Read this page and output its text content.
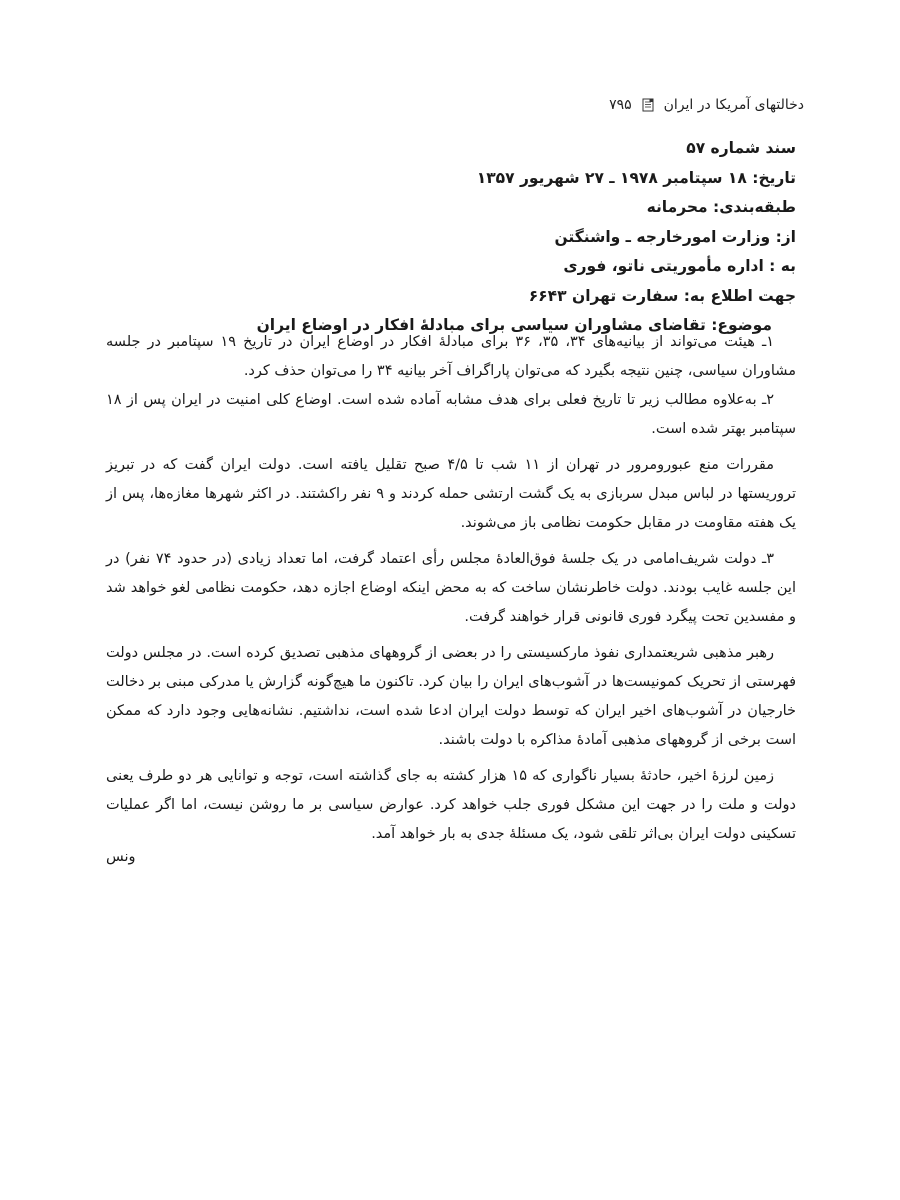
دخالتهای آمریکا در ایران
۷۹۵
سند شماره ۵۷
تاریخ: ۱۸ سپتامبر ۱۹۷۸ ـ ۲۷ شهریور ۱۳۵۷
طبقه‌بندی: محرمانه
از: وزارت امورخارجه ـ واشنگتن
به : اداره مأموریتی ناتو، فوری
جهت اطلاع به: سفارت تهران ۶۶۴۳
موضوع: تقاضای مشاوران سیاسی برای مبادلهٔ افکار در اوضاع ایران

۱ـ هیئت می‌تواند از بیانیه‌های ۳۴، ۳۵، ۳۶ برای مبادلهٔ افکار در اوضاع ایران در تاریخ ۱۹ سپتامبر در جلسه مشاوران سیاسی، چنین نتیجه بگیرد که می‌توان پاراگراف آخر بیانیه ۳۴ را می‌توان حذف کرد.

۲ـ به‌علاوه مطالب زیر تا تاریخ فعلی برای هدف مشابه آماده شده است. اوضاع کلی امنیت در ایران پس از ۱۸ سپتامبر بهتر شده است.

مقررات منع عبورومرور در تهران از ۱۱ شب تا ۴/۵ صبح تقلیل یافته است. دولت ایران گفت که در تبریز تروریستها در لباس مبدل سربازی به یک گشت ارتشی حمله کردند و ۹ نفر راکشتند. در اکثر شهرها مغازه‌ها، پس از یک هفته مقاومت در مقابل حکومت نظامی باز می‌شوند.

۳ـ دولت شریف‌امامی در یک جلسهٔ فوق‌العادهٔ مجلس رأی اعتماد گرفت، اما تعداد زیادی (در حدود ۷۴ نفر) در این جلسه غایب بودند. دولت خاطرنشان ساخت که به محض اینکه اوضاع اجازه دهد، حکومت نظامی لغو خواهد شد و مفسدین تحت پیگرد فوری قانونی قرار خواهند گرفت.

رهبر مذهبی شریعتمداری نفوذ مارکسیستی را در بعضی از گروههای مذهبی تصدیق کرده است. در مجلس دولت فهرستی از تحریک کمونیست‌ها در آشوب‌های ایران را بیان کرد. تاکنون ما هیچ‌گونه گزارش یا مدرکی مبنی بر دخالت خارجیان در آشوب‌های اخیر ایران که توسط دولت ایران ادعا شده است، نداشتیم. نشانه‌هایی وجود دارد که ممکن است برخی از گروههای مذهبی آمادهٔ مذاکره با دولت باشند.

زمین لرزهٔ اخیر، حادثهٔ بسیار ناگواری که ۱۵ هزار کشته به جای گذاشته است، توجه و توانایی هر دو طرف یعنی دولت و ملت را در جهت این مشکل فوری جلب خواهد کرد. عوارض سیاسی بر ما روشن نیست، اما اگر عملیات تسکینی دولت ایران بی‌اثر تلقی شود، یک مسئلهٔ جدی به بار خواهد آمد.

ونس
